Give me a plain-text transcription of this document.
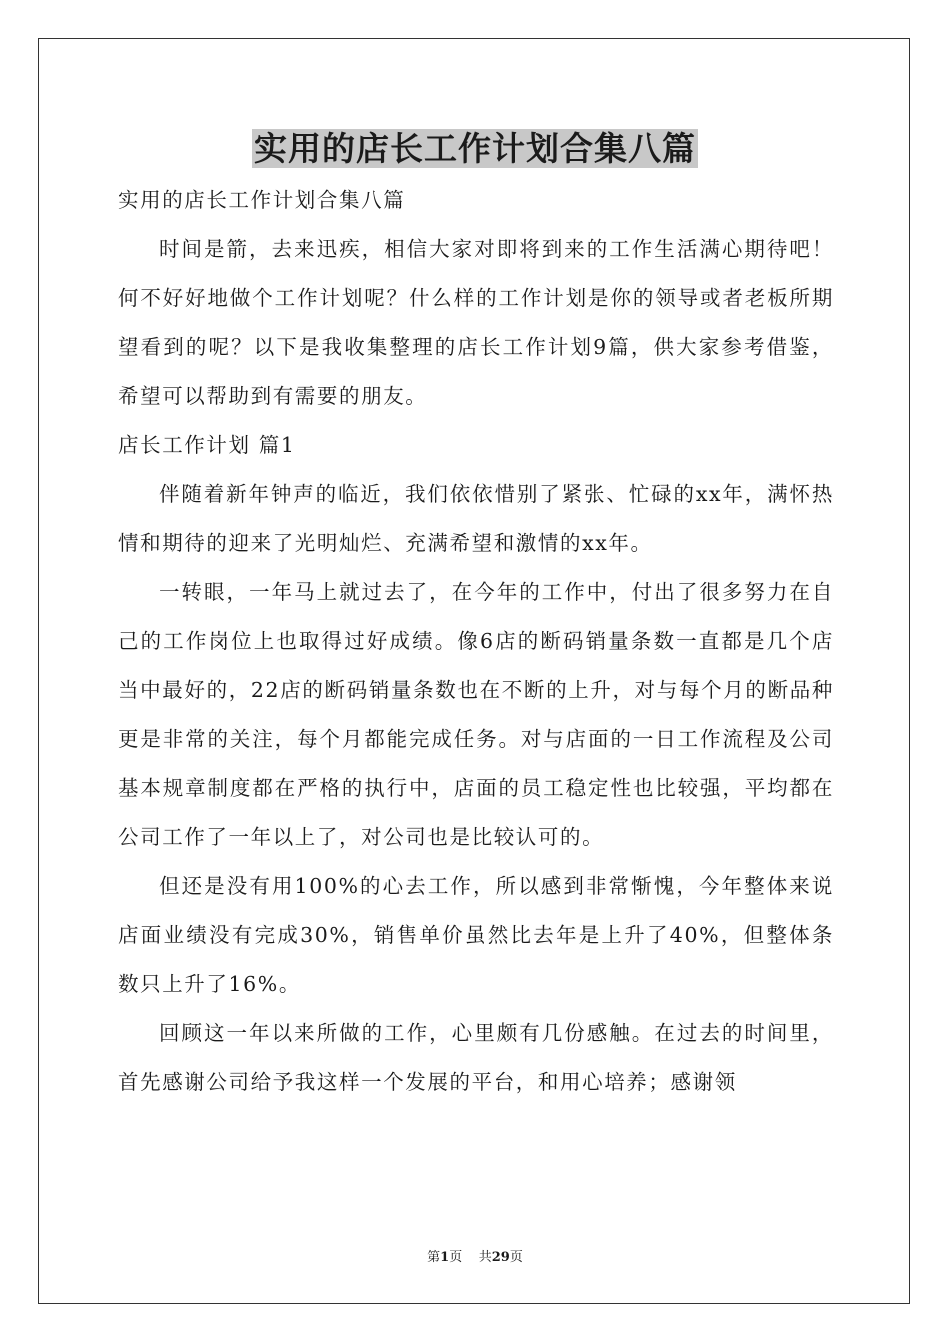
实用的店长工作计划合集八篇

实用的店长工作计划合集八篇

时间是箭，去来迅疾，相信大家对即将到来的工作生活满心期待吧！何不好好地做个工作计划呢？什么样的工作计划是你的领导或者老板所期望看到的呢？以下是我收集整理的店长工作计划9篇，供大家参考借鉴，希望可以帮助到有需要的朋友。

店长工作计划 篇1

伴随着新年钟声的临近，我们依依惜别了紧张、忙碌的xx年，满怀热情和期待的迎来了光明灿烂、充满希望和激情的xx年。

一转眼，一年马上就过去了，在今年的工作中，付出了很多努力在自己的工作岗位上也取得过好成绩。像6店的断码销量条数一直都是几个店当中最好的，22店的断码销量条数也在不断的上升，对与每个月的断品种更是非常的关注，每个月都能完成任务。对与店面的一日工作流程及公司基本规章制度都在严格的执行中，店面的员工稳定性也比较强，平均都在公司工作了一年以上了，对公司也是比较认可的。

但还是没有用100%的心去工作，所以感到非常惭愧，今年整体来说店面业绩没有完成30%，销售单价虽然比去年是上升了40%，但整体条数只上升了16%。

回顾这一年以来所做的工作，心里颇有几份感触。在过去的时间里，首先感谢公司给予我这样一个发展的平台，和用心培养；感谢领

第1页 共29页
